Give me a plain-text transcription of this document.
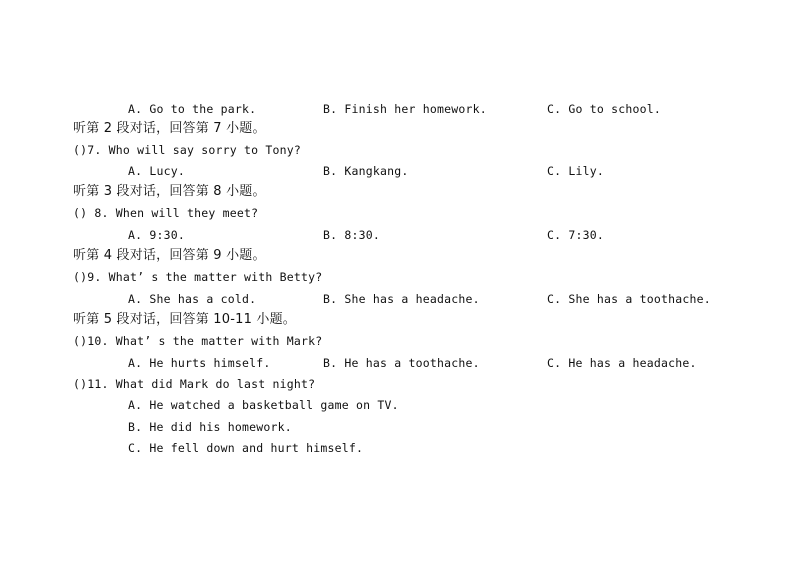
A. Go to the park.	B. Finish her homework.	C. Go to school.
听第 2 段对话，回答第 7 小题。
()7. Who will say sorry to Tony?
A. Lucy.	B. Kangkang.	C. Lily.
听第 3 段对话，回答第 8 小题。
() 8. When will they meet?
A. 9:30.	B. 8:30.	C. 7:30.
听第 4 段对话，回答第 9 小题。
()9. What’ s the matter with Betty?
A. She has a cold.	B. She has a headache.	C. She has a toothache.
听第 5 段对话，回答第 10-11 小题。
()10. What’ s the matter with Mark?
A. He hurts himself.	B. He has a toothache.	C. He has a headache.
()11. What did Mark do last night?
A. He watched a basketball game on TV.
B. He did his homework.
C. He fell down and hurt himself.
